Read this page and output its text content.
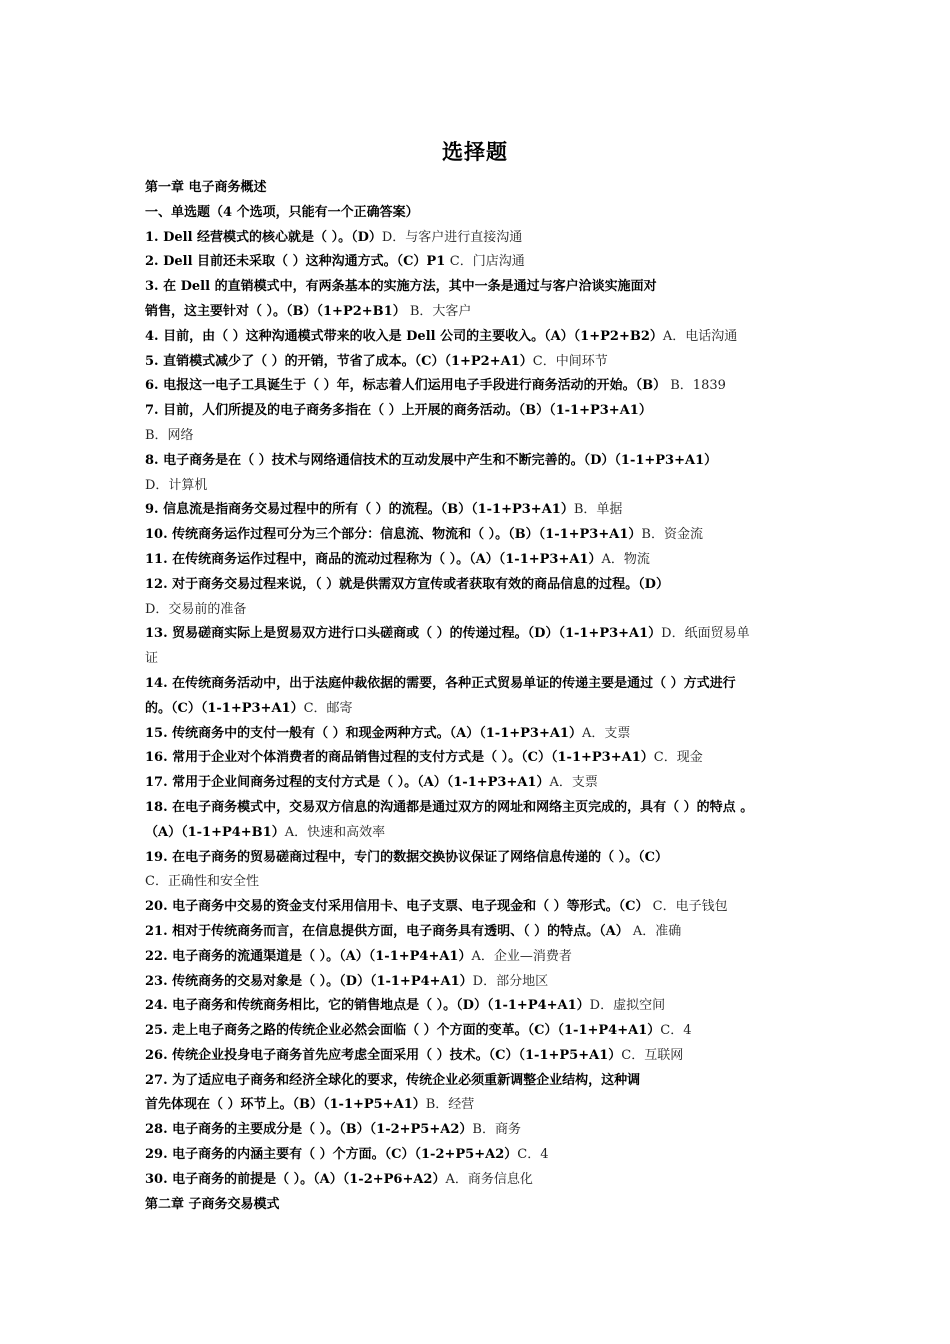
选择题
第一章 电子商务概述
一、单选题（4 个选项，只能有一个正确答案）
1. Dell 经营模式的核心就是（ ）。（D）D．与客户进行直接沟通
2. Dell 目前还未采取（ ）这种沟通方式。（C）P1 C．门店沟通
3. 在 Dell 的直销模式中，有两条基本的实施方法，其中一条是通过与客户洽谈实施面对
销售，这主要针对（ ）。（B）（1+P2+B1） B．大客户
4. 目前，由（ ）这种沟通模式带来的收入是 Dell 公司的主要收入。（A）（1+P2+B2）A．电话沟通
5. 直销模式减少了（ ）的开销，节省了成本。（C）（1+P2+A1）C．中间环节
6. 电报这一电子工具诞生于（ ）年，标志着人们运用电子手段进行商务活动的开始。（B） B．1839
7. 目前，人们所提及的电子商务多指在（ ）上开展的商务活动。（B）（1-1+P3+A1）
B．网络
8. 电子商务是在（ ）技术与网络通信技术的互动发展中产生和不断完善的。（D）（1-1+P3+A1）
D．计算机
9. 信息流是指商务交易过程中的所有（ ）的流程。（B）（1-1+P3+A1）B．单据
10. 传统商务运作过程可分为三个部分：信息流、物流和（ ）。（B）（1-1+P3+A1）B．资金流
11. 在传统商务运作过程中，商品的流动过程称为（ ）。（A）（1-1+P3+A1）A．物流
12. 对于商务交易过程来说，（ ）就是供需双方宣传或者获取有效的商品信息的过程。（D）
D．交易前的准备
13. 贸易磋商实际上是贸易双方进行口头磋商或（ ）的传递过程。（D）（1-1+P3+A1）D．纸面贸易单
证
14. 在传统商务活动中，出于法庭仲裁依据的需要，各种正式贸易单证的传递主要是通过（ ）方式进行
的。（C）（1-1+P3+A1）C．邮寄
15. 传统商务中的支付一般有（ ）和现金两种方式。（A）（1-1+P3+A1）A．支票
16. 常用于企业对个体消费者的商品销售过程的支付方式是（ ）。（C）（1-1+P3+A1）C．现金
17. 常用于企业间商务过程的支付方式是（ ）。（A）（1-1+P3+A1）A．支票
18. 在电子商务模式中，交易双方信息的沟通都是通过双方的网址和网络主页完成的，具有（ ）的特点 。
（A）（1-1+P4+B1）A．快速和高效率
19. 在电子商务的贸易磋商过程中，专门的数据交换协议保证了网络信息传递的（ ）。（C）
C．正确性和安全性
20. 电子商务中交易的资金支付采用信用卡、电子支票、电子现金和（ ）等形式。（C） C．电子钱包
21. 相对于传统商务而言，在信息提供方面，电子商务具有透明、（ ）的特点。（A） A．准确
22. 电子商务的流通渠道是（ ）。（A）（1-1+P4+A1）A．企业—消费者
23. 传统商务的交易对象是（ ）。（D）（1-1+P4+A1）D．部分地区
24. 电子商务和传统商务相比，它的销售地点是（ ）。（D）（1-1+P4+A1）D．虚拟空间
25. 走上电子商务之路的传统企业必然会面临（ ）个方面的变革。（C）（1-1+P4+A1）C．4
26. 传统企业投身电子商务首先应考虑全面采用（ ）技术。（C）（1-1+P5+A1）C．互联网
27. 为了适应电子商务和经济全球化的要求，传统企业必须重新调整企业结构，这种调
首先体现在（ ）环节上。（B）（1-1+P5+A1）B．经营
28. 电子商务的主要成分是（ ）。（B）（1-2+P5+A2）B．商务
29. 电子商务的内涵主要有（ ）个方面。（C）（1-2+P5+A2）C．4
30. 电子商务的前提是（ ）。（A）（1-2+P6+A2）A．商务信息化
第二章 子商务交易模式
